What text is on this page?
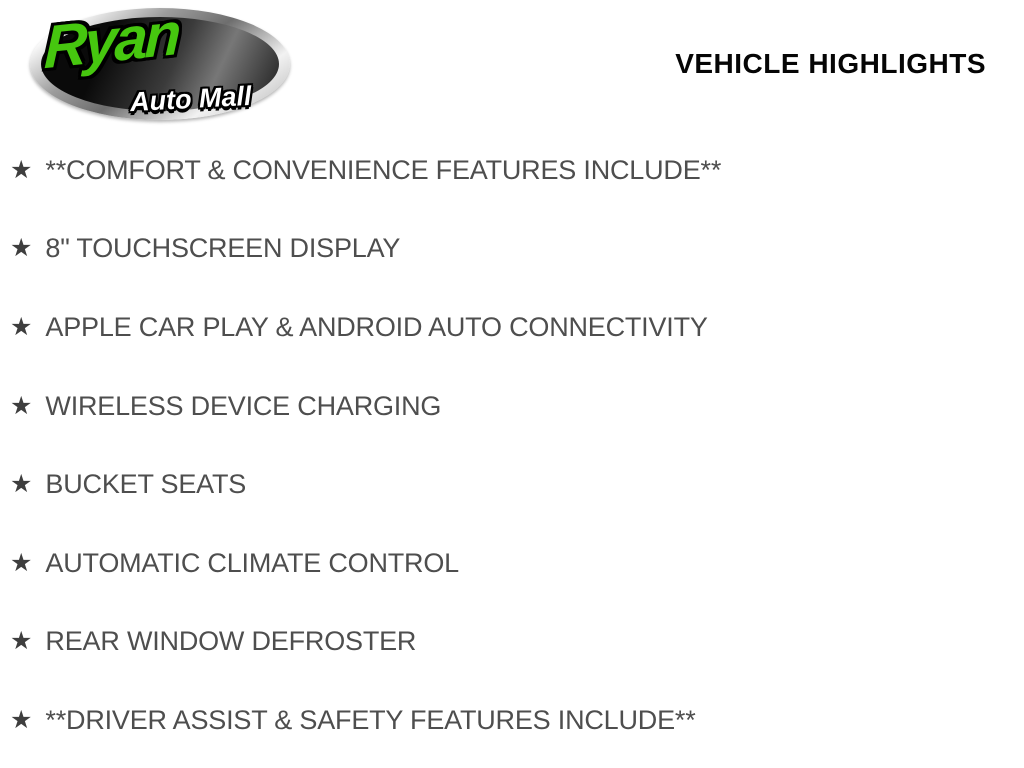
Ryan
Auto Mall
VEHICLE HIGHLIGHTS
★ **COMFORT & CONVENIENCE FEATURES INCLUDE**
★ 8" TOUCHSCREEN DISPLAY
★ APPLE CAR PLAY & ANDROID AUTO CONNECTIVITY
★ WIRELESS DEVICE CHARGING
★ BUCKET SEATS
★ AUTOMATIC CLIMATE CONTROL
★ REAR WINDOW DEFROSTER
★ **DRIVER ASSIST & SAFETY FEATURES INCLUDE**
